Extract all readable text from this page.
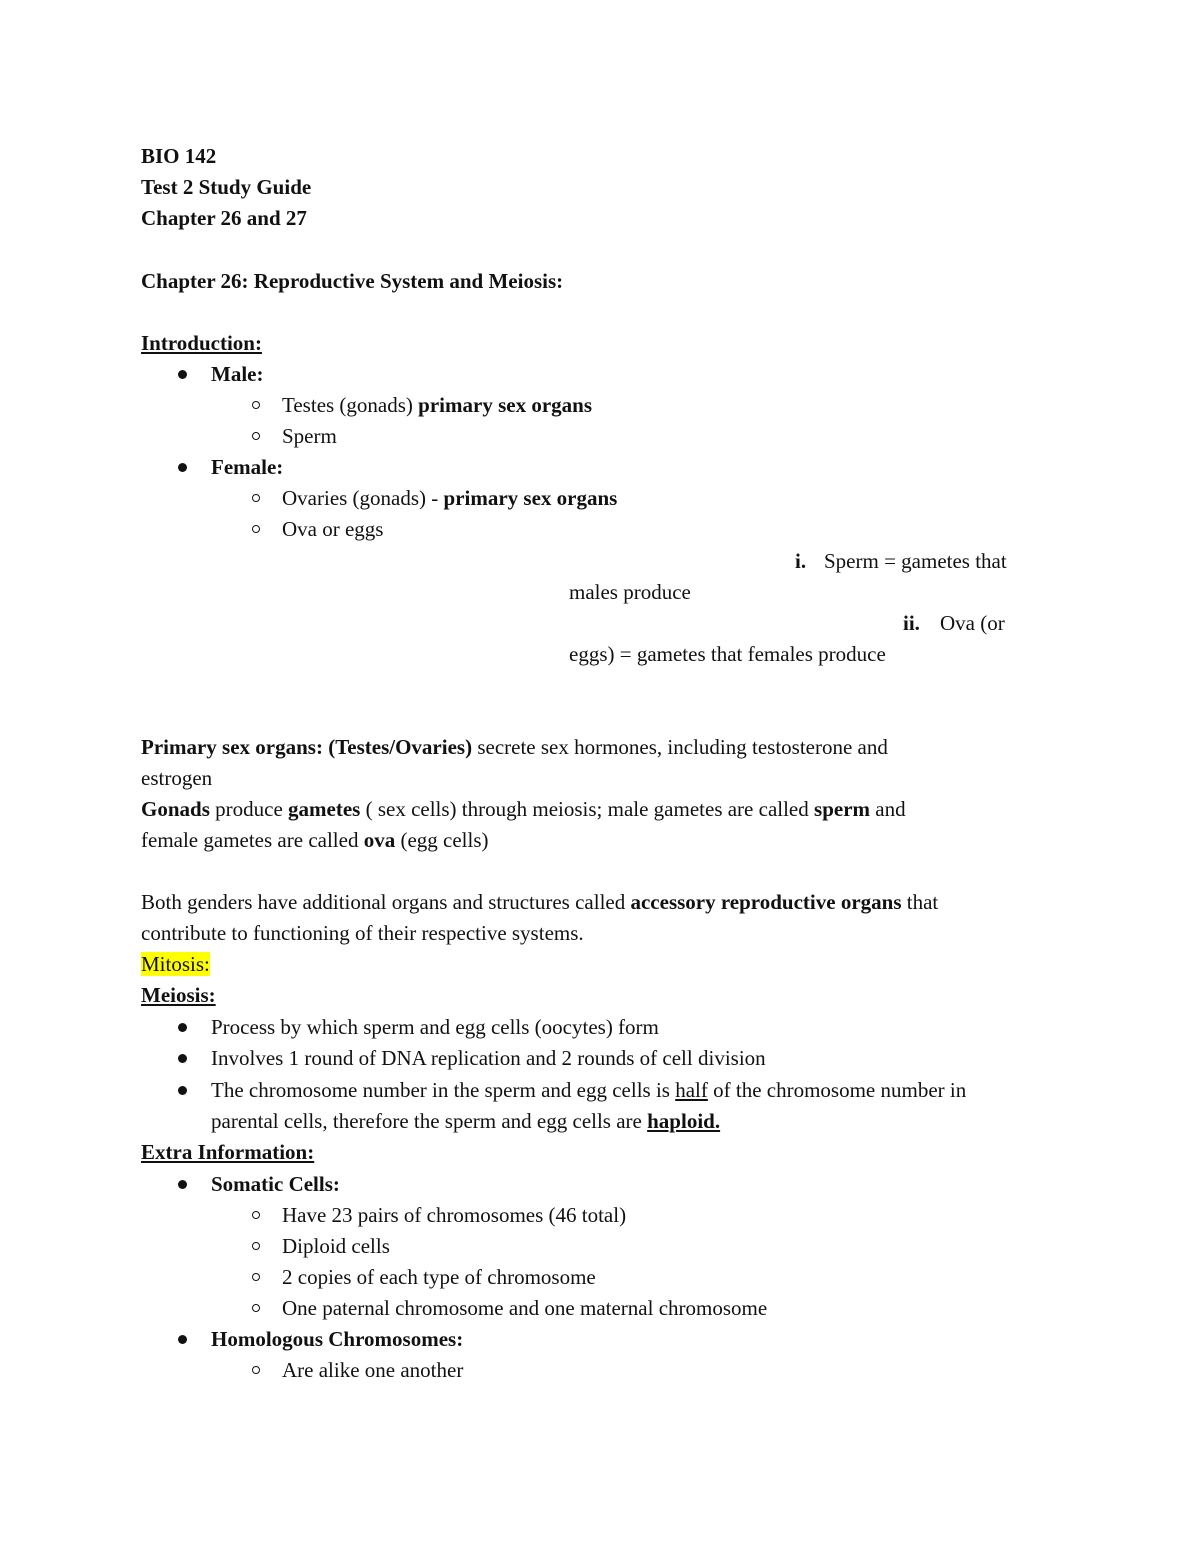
BIO 142
Test 2 Study Guide
Chapter 26 and 27
Chapter 26: Reproductive System and Meiosis:
Introduction:
Male:
Testes (gonads) primary sex organs
Sperm
Female:
Ovaries (gonads) - primary sex organs
Ova or eggs
i. Sperm = gametes that
males produce
ii. Ova (or
eggs) = gametes that females produce
Primary sex organs: (Testes/Ovaries) secrete sex hormones, including testosterone and
estrogen
Gonads produce gametes ( sex cells) through meiosis; male gametes are called sperm and
female gametes are called ova (egg cells)
Both genders have additional organs and structures called accessory reproductive organs that
contribute to functioning of their respective systems.
Mitosis:
Meiosis:
Process by which sperm and egg cells (oocytes) form
Involves 1 round of DNA replication and 2 rounds of cell division
The chromosome number in the sperm and egg cells is half of the chromosome number in
parental cells, therefore the sperm and egg cells are haploid.
Extra Information:
Somatic Cells:
Have 23 pairs of chromosomes (46 total)
Diploid cells
2 copies of each type of chromosome
One paternal chromosome and one maternal chromosome
Homologous Chromosomes:
Are alike one another
